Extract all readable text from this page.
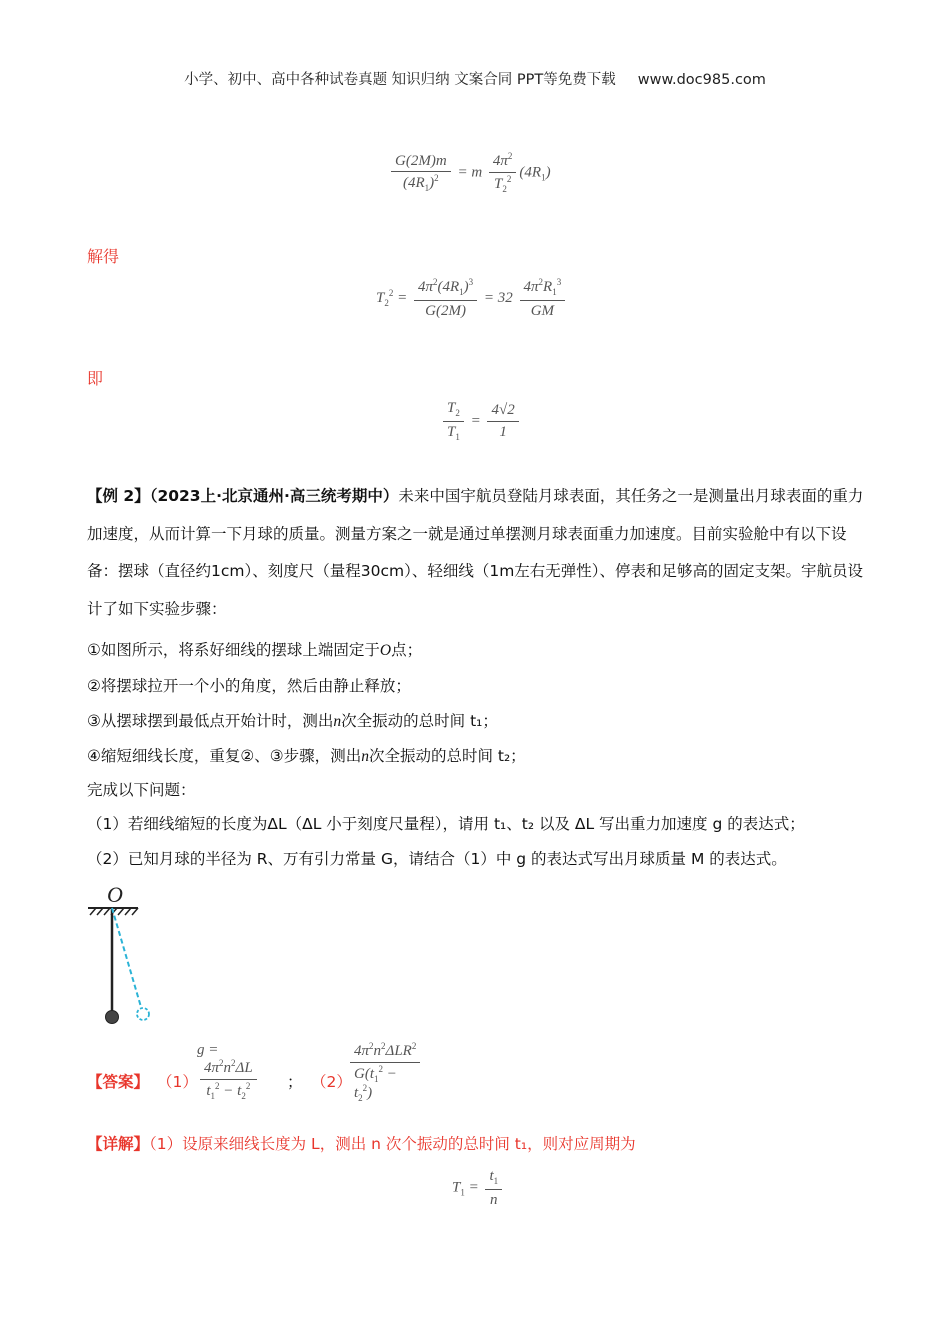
小学、初中、高中各种试卷真题 知识归纳 文案合同 PPT等免费下载 www.doc985.com
$\frac{G(2M)m}{(4R_1)^2} = m \frac{4\pi^2}{T_2^2} (4R_1)$
解得
$T_2^2 = \frac{4\pi^2(4R_1)^3}{G(2M)} = 32 \frac{4\pi^2R_1^3}{GM}$
即
$\frac{T_2}{T_1} = \frac{4√2}{1}$
【例 2】（2023上·北京通州·高三统考期中）未来中国宇航员登陆月球表面，其任务之一是测量出月球表面的重力加速度，从而计算一下月球的质量。测量方案之一就是通过单摆测月球表面重力加速度。目前实验舱中有以下设备：摆球（直径约1cm）、刻度尺（量程30cm）、轻细线（1m左右无弹性）、停表和足够高的固定支架。宇航员设计了如下实验步骤：
①如图所示，将系好细线的摆球上端固定于O点；
②将摆球拉开一个小的角度，然后由静止释放；
③从摆球摆到最低点开始计时，测出n次全振动的总时间 t₁；
④缩短细线长度，重复②、③步骤，测出n次全振动的总时间 t₂；
完成以下问题：
（1）若细线缩短的长度为ΔL（ΔL 小于刻度尺量程），请用 t₁、t₂ 以及 ΔL 写出重力加速度 g 的表达式；
（2）已知月球的半径为 R、万有引力常量 G，请结合（1）中 g 的表达式写出月球质量 M 的表达式。
O
【答案】 （1）
g =
$\frac{4\pi^2n^2\Delta L}{t_1^2 - t_2^2}$ ； （2）
$\frac{4\pi^2n^2\Delta LR^2}{G(t_1^2 - t_2^2)}$
【详解】（1）设原来细线长度为 L，测出 n 次个振动的总时间 t₁，则对应周期为
$T_1 = \frac{t_1}{n}$
